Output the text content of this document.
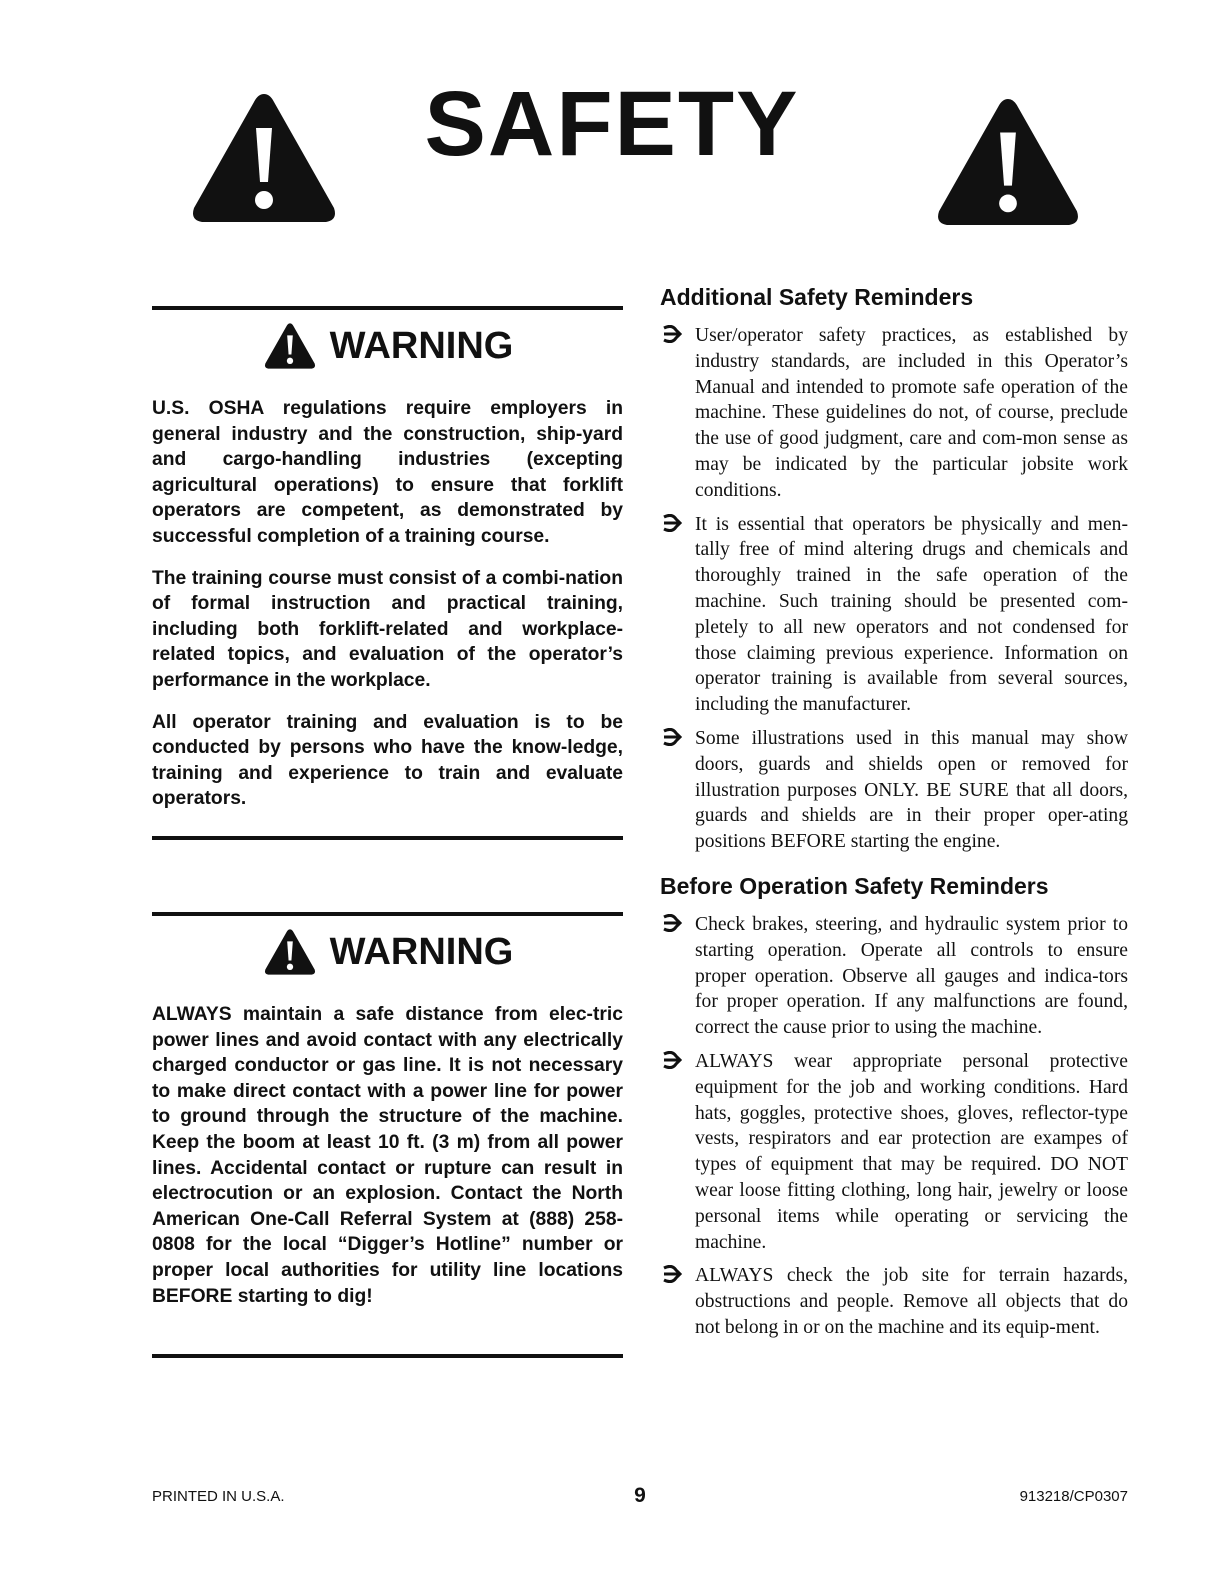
SAFETY
WARNING

U.S. OSHA regulations require employers in general industry and the construction, ship-yard and cargo-handling industries (excepting agricultural operations) to ensure that forklift operators are competent, as demonstrated by successful completion of a training course.

The training course must consist of a combi-nation of formal instruction and practical training, including both forklift-related and workplace-related topics, and evaluation of the operator’s performance in the workplace.

All operator training and evaluation is to be conducted by persons who have the know-ledge, training and experience to train and evaluate operators.

WARNING

ALWAYS maintain a safe distance from elec-tric power lines and avoid contact with any electrically charged conductor or gas line. It is not necessary to make direct contact with a power line for power to ground through the structure of the machine. Keep the boom at least 10 ft. (3 m) from all power lines. Accidental contact or rupture can result in electrocution or an explosion. Contact the North American One-Call Referral System at (888) 258-0808 for the local “Digger’s Hotline” number or proper local authorities for utility line locations BEFORE starting to dig!

Additional Safety Reminders
User/operator safety practices, as established by industry standards, are included in this Operator’s Manual and intended to promote safe operation of the machine. These guidelines do not, of course, preclude the use of good judgment, care and com-mon sense as may be indicated by the particular jobsite work conditions.
It is essential that operators be physically and men-tally free of mind altering drugs and chemicals and thoroughly trained in the safe operation of the machine. Such training should be presented com-pletely to all new operators and not condensed for those claiming previous experience. Information on operator training is available from several sources, including the manufacturer.
Some illustrations used in this manual may show doors, guards and shields open or removed for illustration purposes ONLY. BE SURE that all doors, guards and shields are in their proper oper-ating positions BEFORE starting the engine.
Before Operation Safety Reminders
Check brakes, steering, and hydraulic system prior to starting operation. Operate all controls to ensure proper operation. Observe all gauges and indica-tors for proper operation. If any malfunctions are found, correct the cause prior to using the machine.
ALWAYS wear appropriate personal protective equipment for the job and working conditions. Hard hats, goggles, protective shoes, gloves, reflector-type vests, respirators and ear protection are exampes of types of equipment that may be required. DO NOT wear loose fitting clothing, long hair, jewelry or loose personal items while operating or servicing the machine.
ALWAYS check the job site for terrain hazards, obstructions and people. Remove all objects that do not belong in or on the machine and its equip-ment.
PRINTED IN U.S.A.	9	913218/CP0307
